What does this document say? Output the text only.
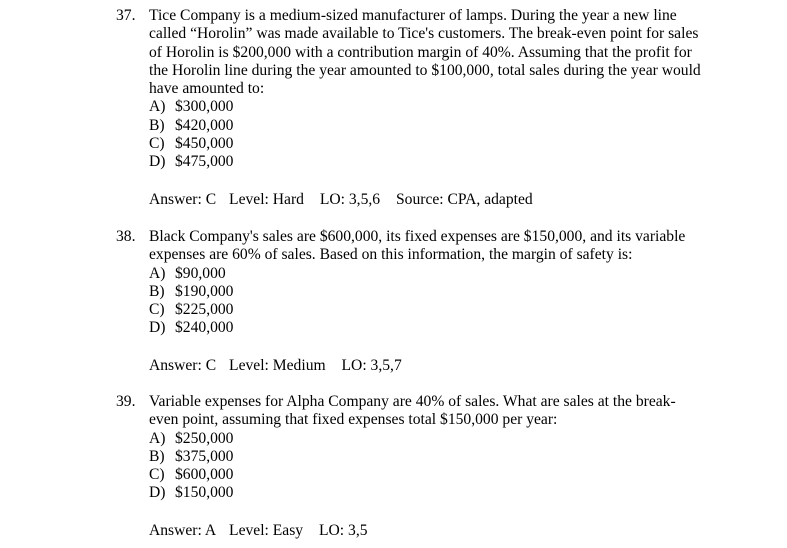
37. Tice Company is a medium-sized manufacturer of lamps. During the year a new line called “Horolin” was made available to Tice's customers. The break-even point for sales of Horolin is $200,000 with a contribution margin of 40%. Assuming that the profit for the Horolin line during the year amounted to $100,000, total sales during the year would have amounted to:
A) $300,000
B) $420,000
C) $450,000
D) $475,000
Answer: C Level: Hard LO: 3,5,6 Source: CPA, adapted
38. Black Company's sales are $600,000, its fixed expenses are $150,000, and its variable expenses are 60% of sales. Based on this information, the margin of safety is:
A) $90,000
B) $190,000
C) $225,000
D) $240,000
Answer: C Level: Medium LO: 3,5,7
39. Variable expenses for Alpha Company are 40% of sales. What are sales at the break-even point, assuming that fixed expenses total $150,000 per year:
A) $250,000
B) $375,000
C) $600,000
D) $150,000
Answer: A Level: Easy LO: 3,5
